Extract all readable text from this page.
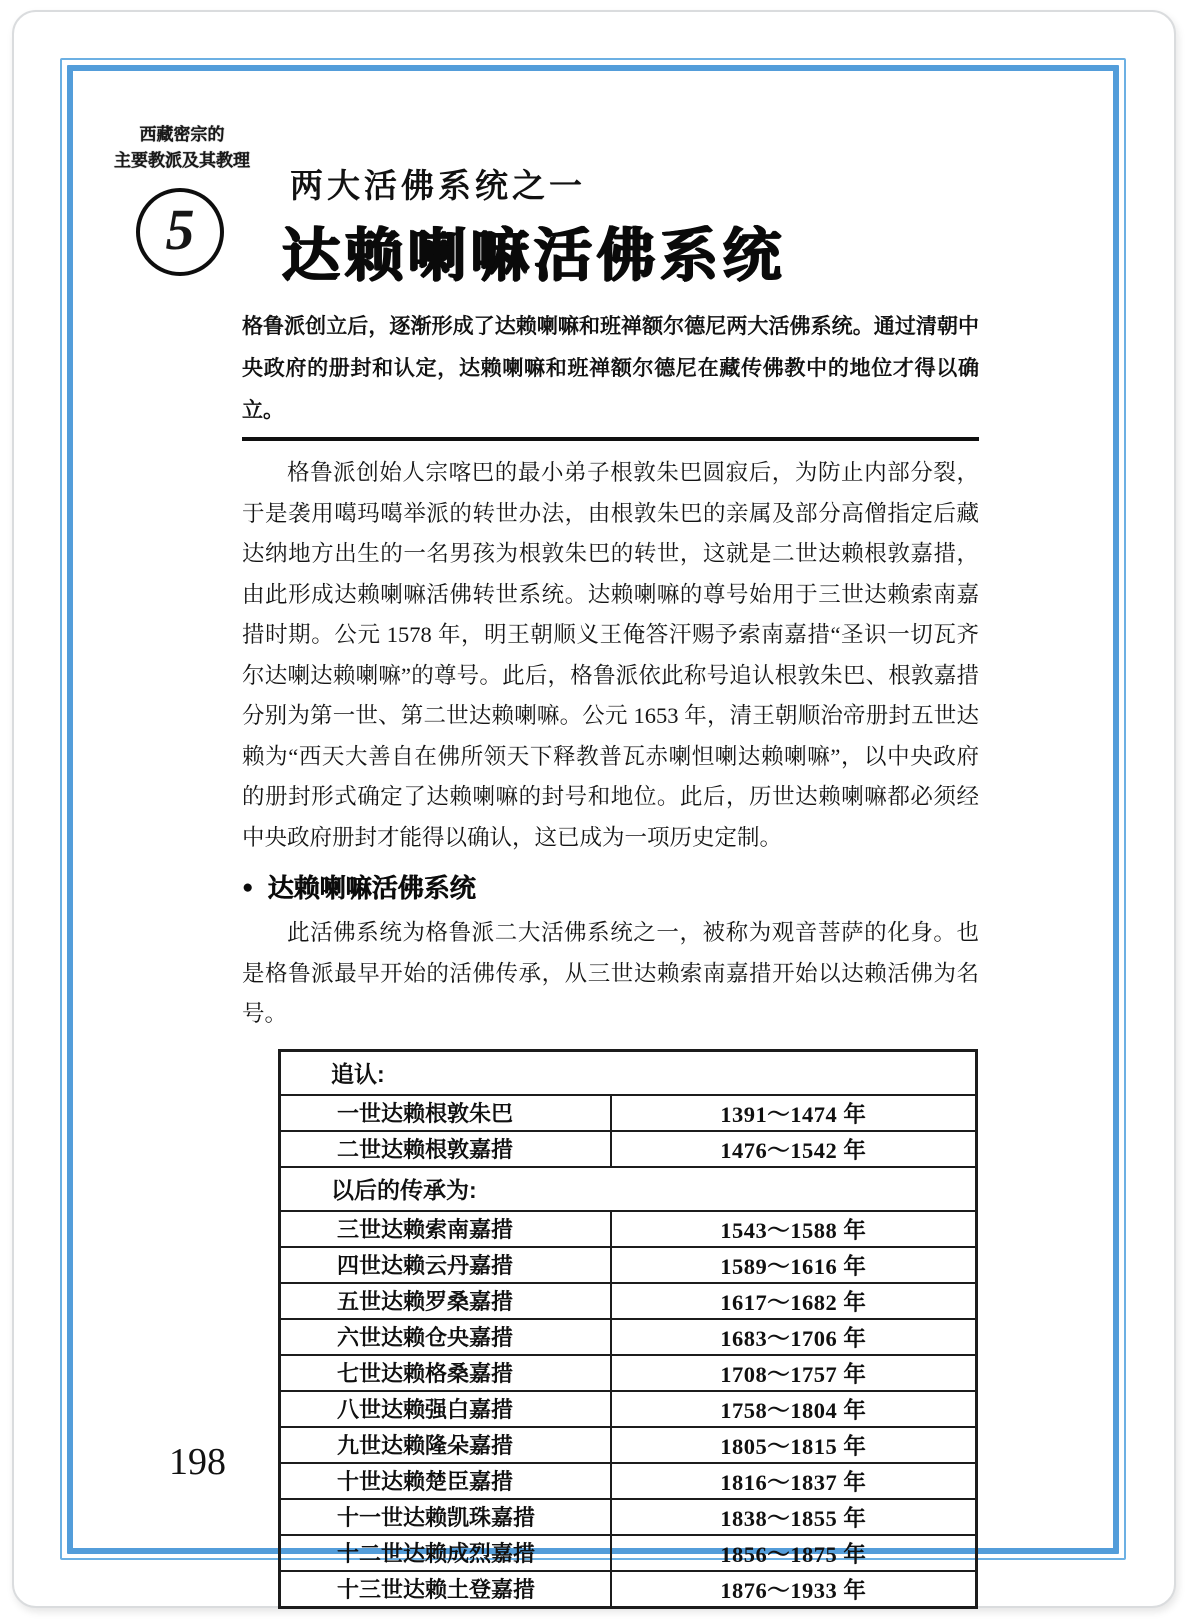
西藏密宗的
主要教派及其教理
5
两大活佛系统之一
达赖喇嘛活佛系统

格鲁派创立后，逐渐形成了达赖喇嘛和班禅额尔德尼两大活佛系统。通过清朝中央政府的册封和认定，达赖喇嘛和班禅额尔德尼在藏传佛教中的地位才得以确立。

格鲁派创始人宗喀巴的最小弟子根敦朱巴圆寂后，为防止内部分裂，于是袭用噶玛噶举派的转世办法，由根敦朱巴的亲属及部分高僧指定后藏达纳地方出生的一名男孩为根敦朱巴的转世，这就是二世达赖根敦嘉措，由此形成达赖喇嘛活佛转世系统。达赖喇嘛的尊号始用于三世达赖索南嘉措时期。公元 1578 年，明王朝顺义王俺答汗赐予索南嘉措“圣识一切瓦齐尔达喇达赖喇嘛”的尊号。此后，格鲁派依此称号追认根敦朱巴、根敦嘉措分别为第一世、第二世达赖喇嘛。公元 1653 年，清王朝顺治帝册封五世达赖为“西天大善自在佛所领天下释教普瓦赤喇怛喇达赖喇嘛”，以中央政府的册封形式确定了达赖喇嘛的封号和地位。此后，历世达赖喇嘛都必须经中央政府册封才能得以确认，这已成为一项历史定制。

● 达赖喇嘛活佛系统

此活佛系统为格鲁派二大活佛系统之一，被称为观音菩萨的化身。也是格鲁派最早开始的活佛传承，从三世达赖索南嘉措开始以达赖活佛为名号。

追认:	
一世达赖根敦朱巴	1391～1474 年
二世达赖根敦嘉措	1476～1542 年
以后的传承为:	
三世达赖索南嘉措	1543～1588 年
四世达赖云丹嘉措	1589～1616 年
五世达赖罗桑嘉措	1617～1682 年
六世达赖仓央嘉措	1683～1706 年
七世达赖格桑嘉措	1708～1757 年
八世达赖强白嘉措	1758～1804 年
九世达赖隆朵嘉措	1805～1815 年
十世达赖楚臣嘉措	1816～1837 年
十一世达赖凯珠嘉措	1838～1855 年
十二世达赖成烈嘉措	1856～1875 年
十三世达赖土登嘉措	1876～1933 年
198
